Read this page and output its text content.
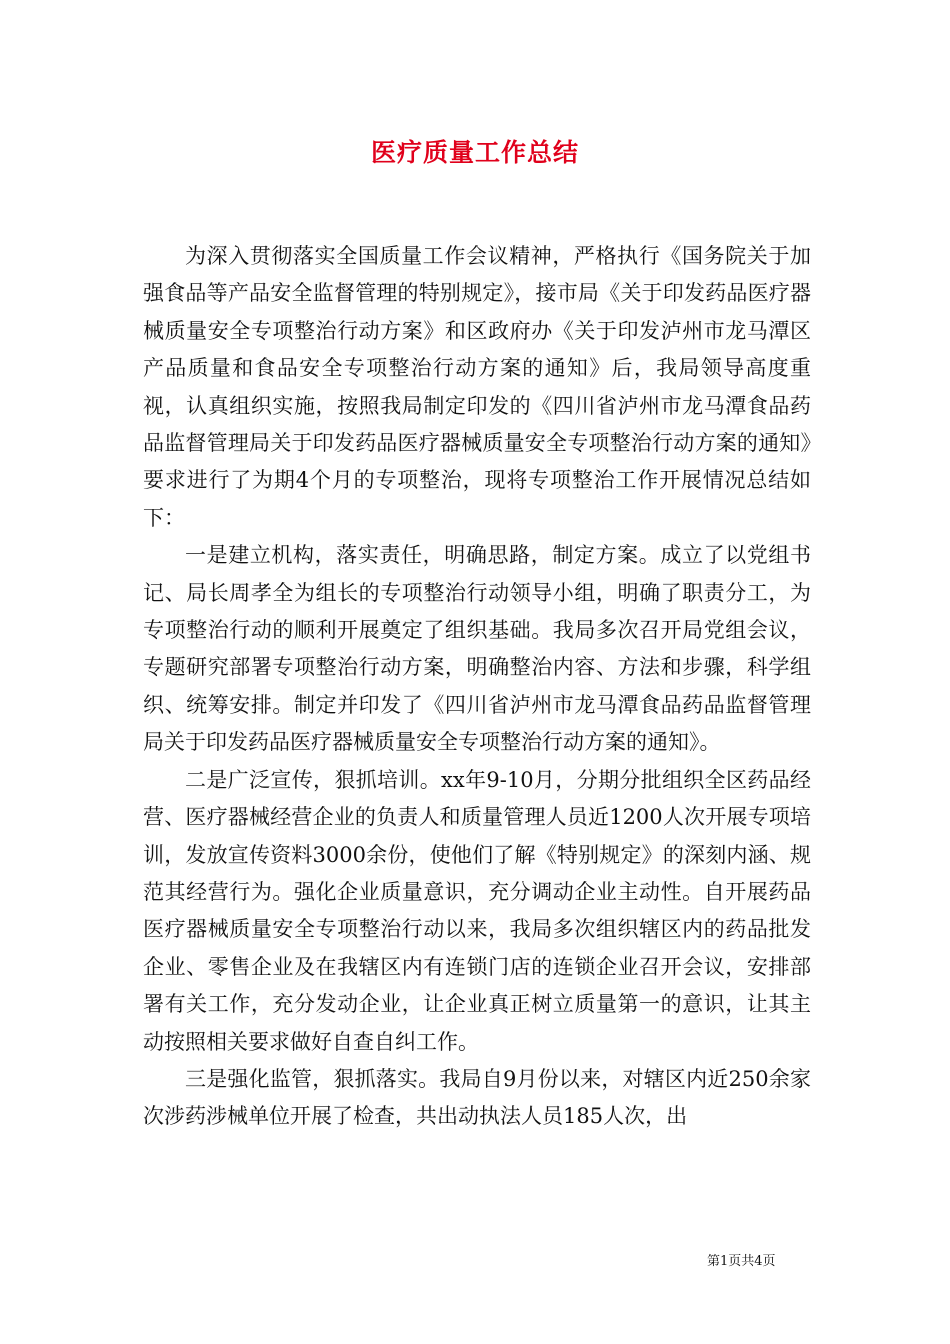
医疗质量工作总结

为深入贯彻落实全国质量工作会议精神，严格执行《国务院关于加强食品等产品安全监督管理的特别规定》，接市局《关于印发药品医疗器械质量安全专项整治行动方案》和区政府办《关于印发泸州市龙马潭区产品质量和食品安全专项整治行动方案的通知》后，我局领导高度重视，认真组织实施，按照我局制定印发的《四川省泸州市龙马潭食品药品监督管理局关于印发药品医疗器械质量安全专项整治行动方案的通知》要求进行了为期4个月的专项整治，现将专项整治工作开展情况总结如下：

一是建立机构，落实责任，明确思路，制定方案。成立了以党组书记、局长周孝全为组长的专项整治行动领导小组，明确了职责分工，为专项整治行动的顺利开展奠定了组织基础。我局多次召开局党组会议，专题研究部署专项整治行动方案，明确整治内容、方法和步骤，科学组织、统筹安排。制定并印发了《四川省泸州市龙马潭食品药品监督管理局关于印发药品医疗器械质量安全专项整治行动方案的通知》。

二是广泛宣传，狠抓培训。xx年9-10月，分期分批组织全区药品经营、医疗器械经营企业的负责人和质量管理人员近1200人次开展专项培训，发放宣传资料3000余份，使他们了解《特别规定》的深刻内涵、规范其经营行为。强化企业质量意识，充分调动企业主动性。自开展药品医疗器械质量安全专项整治行动以来，我局多次组织辖区内的药品批发企业、零售企业及在我辖区内有连锁门店的连锁企业召开会议，安排部署有关工作，充分发动企业，让企业真正树立质量第一的意识，让其主动按照相关要求做好自查自纠工作。

三是强化监管，狠抓落实。我局自9月份以来，对辖区内近250余家次涉药涉械单位开展了检查，共出动执法人员185人次，出

第1页共4页
